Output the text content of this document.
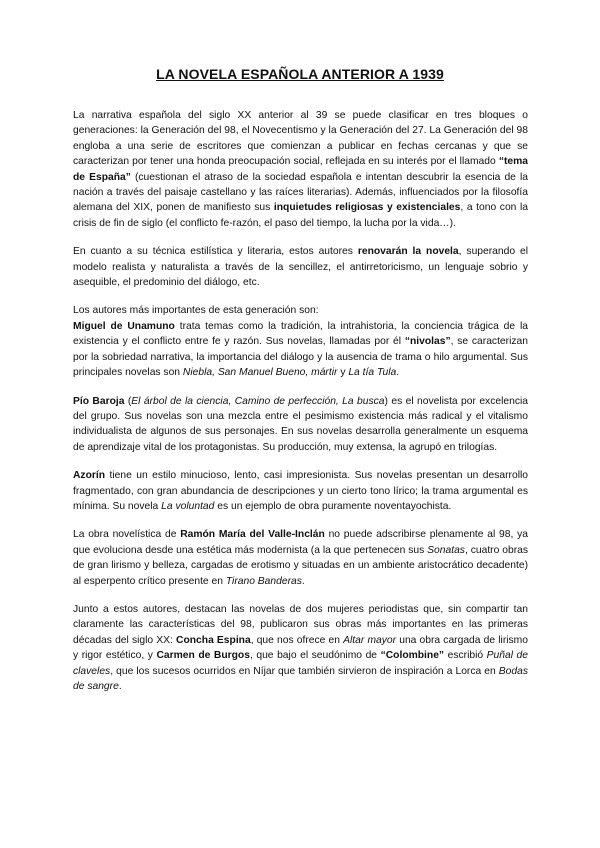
LA NOVELA ESPAÑOLA ANTERIOR A 1939

La narrativa española del siglo XX anterior al 39 se puede clasificar en tres bloques o generaciones: la Generación del 98, el Novecentismo y la Generación del 27. La Generación del 98 engloba a una serie de escritores que comienzan a publicar en fechas cercanas y que se caracterizan por tener una honda preocupación social, reflejada en su interés por el llamado “tema de España” (cuestionan el atraso de la sociedad española e intentan descubrir la esencia de la nación a través del paisaje castellano y las raíces literarias). Además, influenciados por la filosofía alemana del XIX, ponen de manifiesto sus inquietudes religiosas y existenciales, a tono con la crisis de fin de siglo (el conflicto fe-razón, el paso del tiempo, la lucha por la vida…).

En cuanto a su técnica estilística y literaria, estos autores renovarán la novela, superando el modelo realista y naturalista a través de la sencillez, el antirretoricismo, un lenguaje sobrio y asequible, el predominio del diálogo, etc.

Los autores más importantes de esta generación son:

Miguel de Unamuno trata temas como la tradición, la intrahistoria, la conciencia trágica de la existencia y el conflicto entre fe y razón. Sus novelas, llamadas por él “nivolas”, se caracterizan por la sobriedad narrativa, la importancia del diálogo y la ausencia de trama o hilo argumental. Sus principales novelas son Niebla, San Manuel Bueno, mártir y La tía Tula.

Pío Baroja (El árbol de la ciencia, Camino de perfección, La busca) es el novelista por excelencia del grupo. Sus novelas son una mezcla entre el pesimismo existencia más radical y el vitalismo individualista de algunos de sus personajes. En sus novelas desarrolla generalmente un esquema de aprendizaje vital de los protagonistas. Su producción, muy extensa, la agrupó en trilogías.

Azorín tiene un estilo minucioso, lento, casi impresionista. Sus novelas presentan un desarrollo fragmentado, con gran abundancia de descripciones y un cierto tono lírico; la trama argumental es mínima. Su novela La voluntad es un ejemplo de obra puramente noventayochista.

La obra novelística de Ramón María del Valle-Inclán no puede adscribirse plenamente al 98, ya que evoluciona desde una estética más modernista (a la que pertenecen sus Sonatas, cuatro obras de gran lirismo y belleza, cargadas de erotismo y situadas en un ambiente aristocrático decadente) al esperpento crítico presente en Tirano Banderas.

Junto a estos autores, destacan las novelas de dos mujeres periodistas que, sin compartir tan claramente las características del 98, publicaron sus obras más importantes en las primeras décadas del siglo XX: Concha Espina, que nos ofrece en Altar mayor una obra cargada de lirismo y rigor estético, y Carmen de Burgos, que bajo el seudónimo de “Colombine” escribió Puñal de claveles, que los sucesos ocurridos en Níjar que también sirvieron de inspiración a Lorca en Bodas de sangre.
